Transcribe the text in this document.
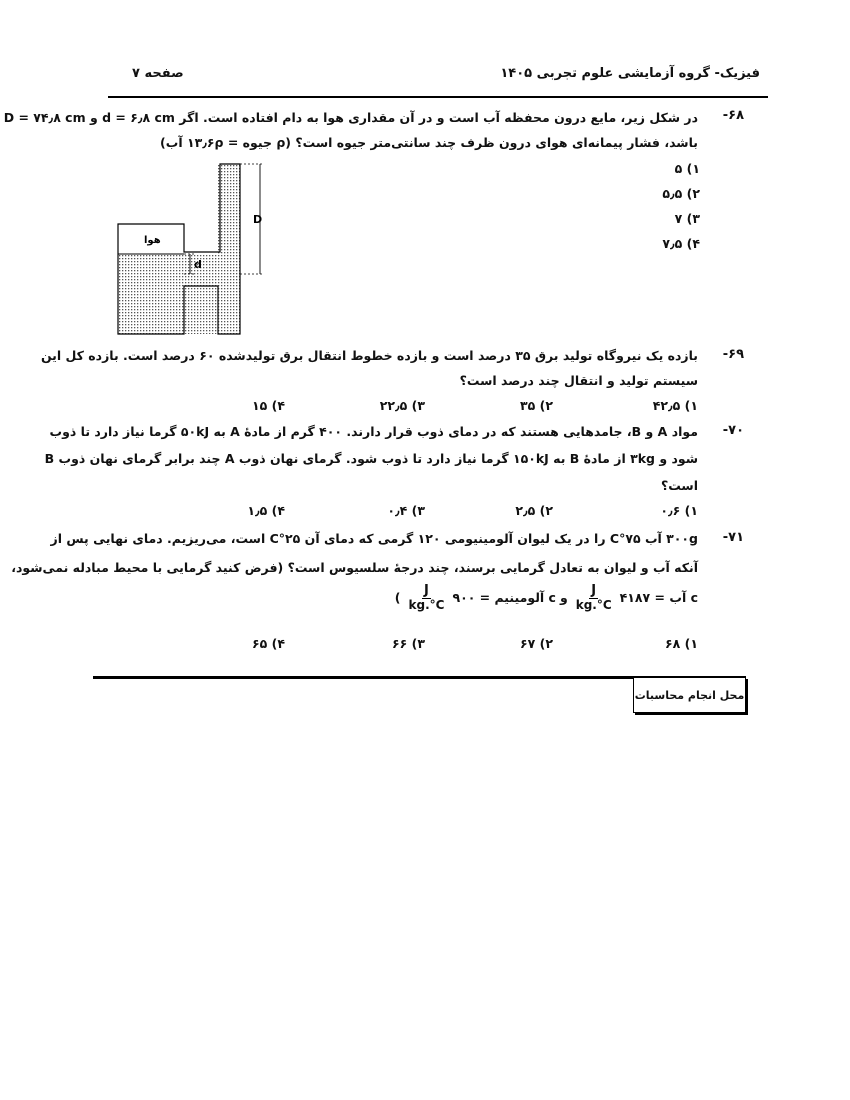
فیزیک- گروه آزمایشی علوم تجربی ۱۴۰۵
صفحه ۷
-۶۸
در شکل زیر، مایع درون محفظه آب است و در آن مقداری هوا به دام افتاده است. اگر d = ۶٫۸ cm و D = ۷۴٫۸ cm
باشد، فشار پیمانه‌ای هوای درون ظرف چند سانتی‌متر جیوه است؟ (ρ جیوه = ۱۳٫۶ρ آب)
۱) ۵
۲) ۵٫۵
۳) ۷
۴) ۷٫۵
هوا
d
D
-۶۹
بازده یک نیروگاه تولید برق ۳۵ درصد است و بازده خطوط انتقال برق تولیدشده ۶۰ درصد است. بازده کل این
سیستم تولید و انتقال چند درصد است؟
۱) ۴۲٫۵
۲) ۳۵
۳) ۲۲٫۵
۴) ۱۵
-۷۰
مواد A و B، جامدهایی هستند که در دمای ذوب قرار دارند. ۴۰۰ گرم از مادهٔ A به ۵۰kJ گرما نیاز دارد تا ذوب
شود و ۳kg از مادهٔ B به ۱۵۰kJ گرما نیاز دارد تا ذوب شود. گرمای نهان ذوب A چند برابر گرمای نهان ذوب B
است؟
۱) ۰٫۶
۲) ۲٫۵
۳) ۰٫۴
۴) ۱٫۵
-۷۱
۳۰۰g آب ۷۵°C را در یک لیوان آلومینیومی ۱۲۰ گرمی که دمای آن ۲۵°C است، می‌ریزیم. دمای نهایی پس از
آنکه آب و لیوان به تعادل گرمایی برسند، چند درجهٔ سلسیوس است؟ (فرض کنید گرمایی با محیط مبادله نمی‌شود،
c آب = ۴۱۸۷
$\frac{J}{kg.^\circ C}$
و
c آلومینیم = ۹۰۰
$\frac{J}{kg.^\circ C}$
)
۱) ۶۸
۲) ۶۷
۳) ۶۶
۴) ۶۵
محل انجام محاسبات
